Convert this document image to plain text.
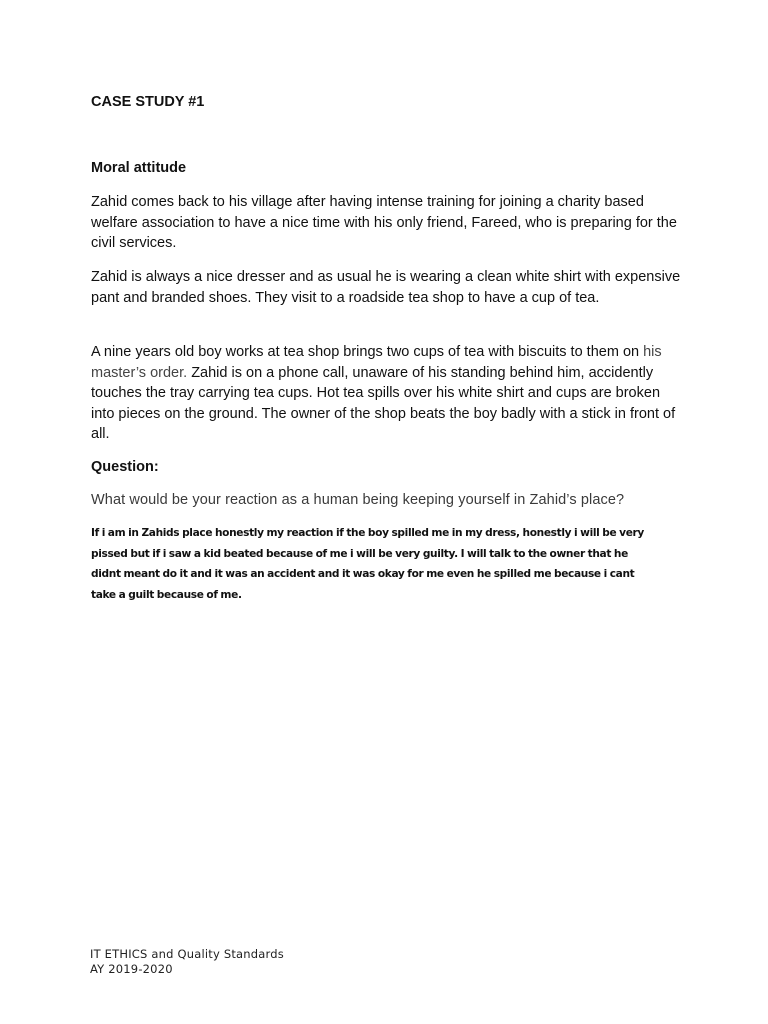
CASE STUDY #1
Moral attitude

Zahid comes back to his village after having intense training for joining a charity based welfare association to have a nice time with his only friend, Fareed, who is preparing for the civil services.

Zahid is always a nice dresser and as usual he is wearing a clean white shirt with expensive pant and branded shoes. They visit to a roadside tea shop to have a cup of tea.

A nine years old boy works at tea shop brings two cups of tea with biscuits to them on his master’s order. Zahid is on a phone call, unaware of his standing behind him, accidently touches the tray carrying tea cups. Hot tea spills over his white shirt and cups are broken into pieces on the ground. The owner of the shop beats the boy badly with a stick in front of all.

Question:

What would be your reaction as a human being keeping yourself in Zahid’s place?

If i am in Zahids place honestly my reaction if the boy spilled me in my dress, honestly i will be very pissed but if i saw a kid beated because of me i will be very guilty. I will talk to the owner that he didnt meant do it and it was an accident and it was okay for me even he spilled me because i cant take a guilt because of me.

IT ETHICS and Quality Standards
AY 2019-2020
